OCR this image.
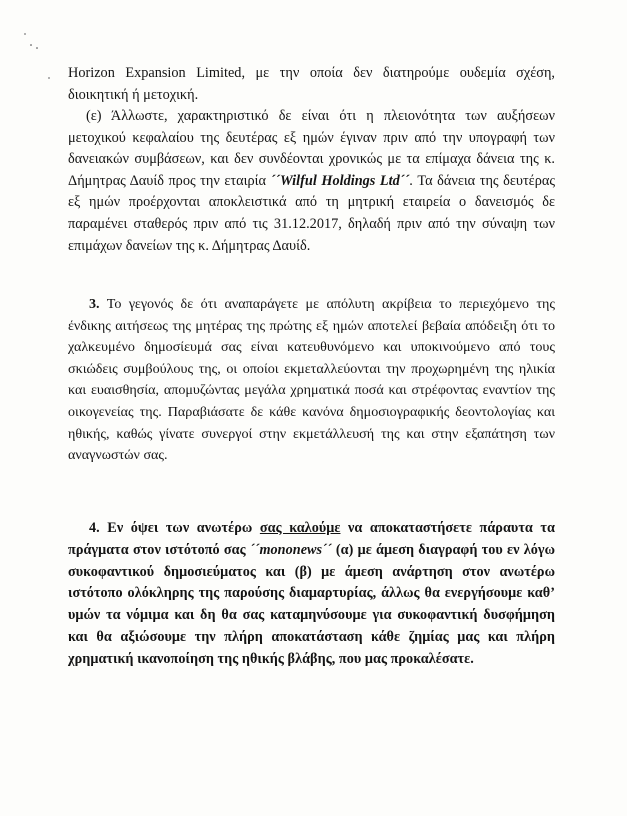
Horizon Expansion Limited, με την οποία δεν διατηρούμε ουδεμία σχέση, διοικητική ή μετοχική.

(ε) Άλλωστε, χαρακτηριστικό δε είναι ότι η πλειονότητα των αυξήσεων μετοχικού κεφαλαίου της δευτέρας εξ ημών έγιναν πριν από την υπογραφή των δανειακών συμβάσεων, και δεν συνδέονται χρονικώς με τα επίμαχα δάνεια της κ. Δήμητρας Δαυίδ προς την εταιρία ´´Wilful Holdings Ltd´´. Τα δάνεια της δευτέρας εξ ημών προέρχονται αποκλειστικά από τη μητρική εταιρεία ο δανεισμός δε παραμένει σταθερός πριν από τις 31.12.2017, δηλαδή πριν από την σύναψη των επιμάχων δανείων της κ. Δήμητρας Δαυίδ.

3. Το γεγονός δε ότι αναπαράγετε με απόλυτη ακρίβεια το περιεχόμενο της ένδικης αιτήσεως της μητέρας της πρώτης εξ ημών αποτελεί βεβαία απόδειξη ότι το χαλκευμένο δημοσίευμά σας είναι κατευθυνόμενο και υποκινούμενο από τους σκιώδεις συμβούλους της, οι οποίοι εκμεταλλεύονται την προχωρημένη της ηλικία και ευαισθησία, απομυζώντας μεγάλα χρηματικά ποσά και στρέφοντας εναντίον της οικογενείας της. Παραβιάσατε δε κάθε κανόνα δημοσιογραφικής δεοντολογίας και ηθικής, καθώς γίνατε συνεργοί στην εκμετάλλευσή της και στην εξαπάτηση των αναγνωστών σας.

4. Εν όψει των ανωτέρω σας καλούμε να αποκαταστήσετε πάραυτα τα πράγματα στον ιστότοπό σας ´´mononews´´ (α) με άμεση διαγραφή του εν λόγω συκοφαντικού δημοσιεύματος και (β) με άμεση ανάρτηση στον ανωτέρω ιστότοπο ολόκληρης της παρούσης διαμαρτυρίας, άλλως θα ενεργήσουμε καθ’ υμών τα νόμιμα και δη θα σας καταμηνύσουμε για συκοφαντική δυσφήμηση και θα αξιώσουμε την πλήρη αποκατάσταση κάθε ζημίας μας και πλήρη χρηματική ικανοποίηση της ηθικής βλάβης, που μας προκαλέσατε.
